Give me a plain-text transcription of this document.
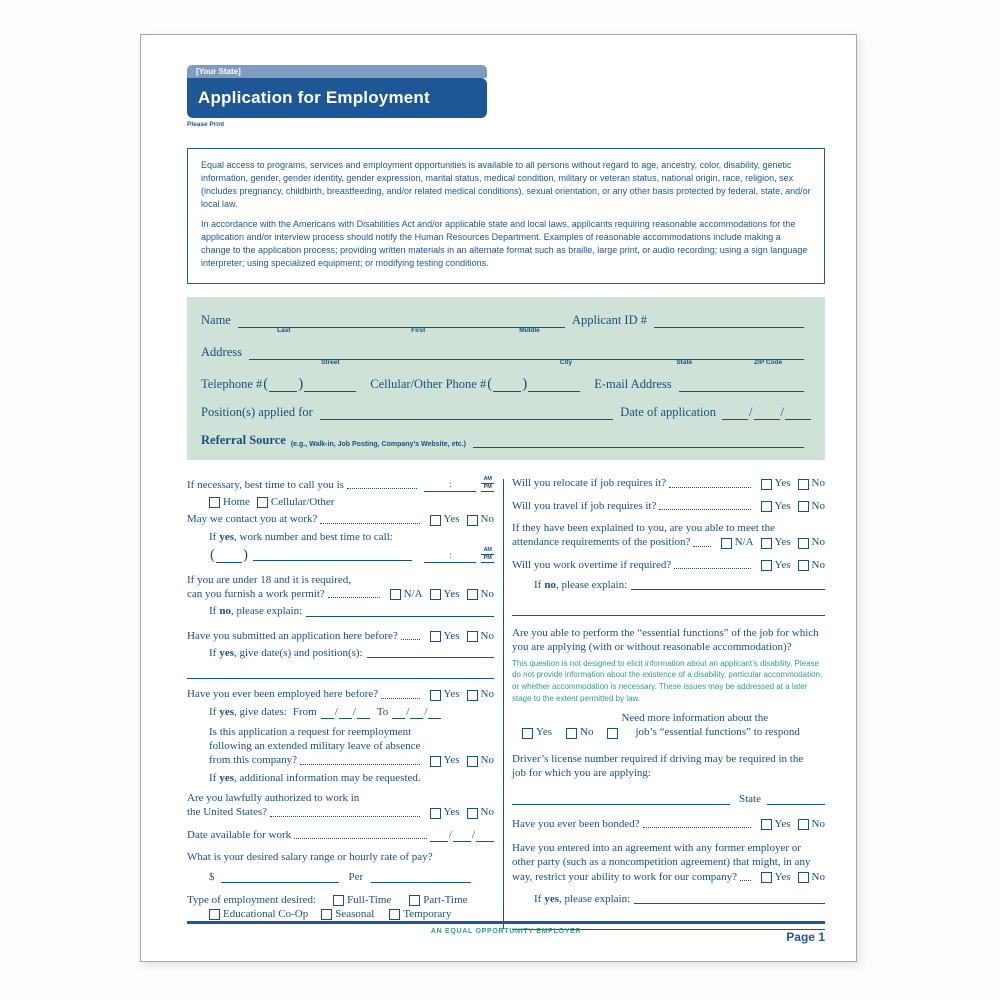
[Your State]
Application for Employment
Please Print

Equal access to programs, services and employment opportunities is available to all persons without regard to age, ancestry, color, disability, genetic information, gender, gender identity, gender expression, marital status, medical condition, military or veteran status, national origin, race, religion, sex (includes pregnancy, childbirth, breastfeeding, and/or related medical conditions), sexual orientation, or any other basis protected by federal, state, and/or local law.

In accordance with the Americans with Disabilities Act and/or applicable state and local laws, applicants requiring reasonable accommodations for the application and/or interview process should notify the Human Resources Department. Examples of reasonable accommodations include making a change to the application process; providing written materials in an alternate format such as braille, large print, or audio recording; using a sign language interpreter; using specialized equipment; or modifying testing conditions.

Name
Last	First	Middle
Applicant ID #
Address
Street	City	State	ZIP Code
Telephone # ( )	Cellular/Other Phone # ( )	E-mail Address
Position(s) applied for	Date of application	/ /
Referral Source (e.g., Walk-in, Job Posting, Company’s Website, etc.)
If necessary, best time to call you is	:	AM
PM
Home Cellular/Other
May we contact you at work?	Yes No
If yes , work number and best time to call:
( )	:	AM
PM
If you are under 18 and it is required,
can you furnish a work permit?	N/A Yes No
If no , please explain:
Have you submitted an application here before?	Yes No
If yes , give date(s) and position(s):
Have you ever been employed here before?	Yes No
If yes , give dates: From / / To / /
Is this application a request for reemployment
following an extended military leave of absence
from this company?	Yes No
If yes , additional information may be requested.
Are you lawfully authorized to work in
the United States?	Yes No
Date available for work	/ /
What is your desired salary range or hourly rate of pay?
$	Per
Type of employment desired:	Full-Time	Part-Time
Educational Co-Op Seasonal	Temporary
Will you relocate if job requires it?	Yes No
Will you travel if job requires it?	Yes No
If they have been explained to you, are you able to meet the
attendance requirements of the position?	N/A Yes No
Will you work overtime if required?	Yes No
If no , please explain:
Are you able to perform the “essential functions” of the job for which
you are applying (with or without reasonable accommodation)?
This question is not designed to elicit information about an applicant’s disability. Please do not provide information about the existence of a disability, particular accommodation, or whether accommodation is necessary. These issues may be addressed at a later stage to the extent permitted by law.
Yes	No
Need more information about the
job’s “essential functions” to respond
Driver’s license number required if driving may be required in the
job for which you are applying:
State
Have you ever been bonded?	Yes No
Have you entered into an agreement with any former employer or
other party (such as a noncompetition agreement) that might, in any
way, restrict your ability to work for our company?	Yes No
If yes , please explain:
AN EQUAL OPPORTUNITY EMPLOYER	Page 1
